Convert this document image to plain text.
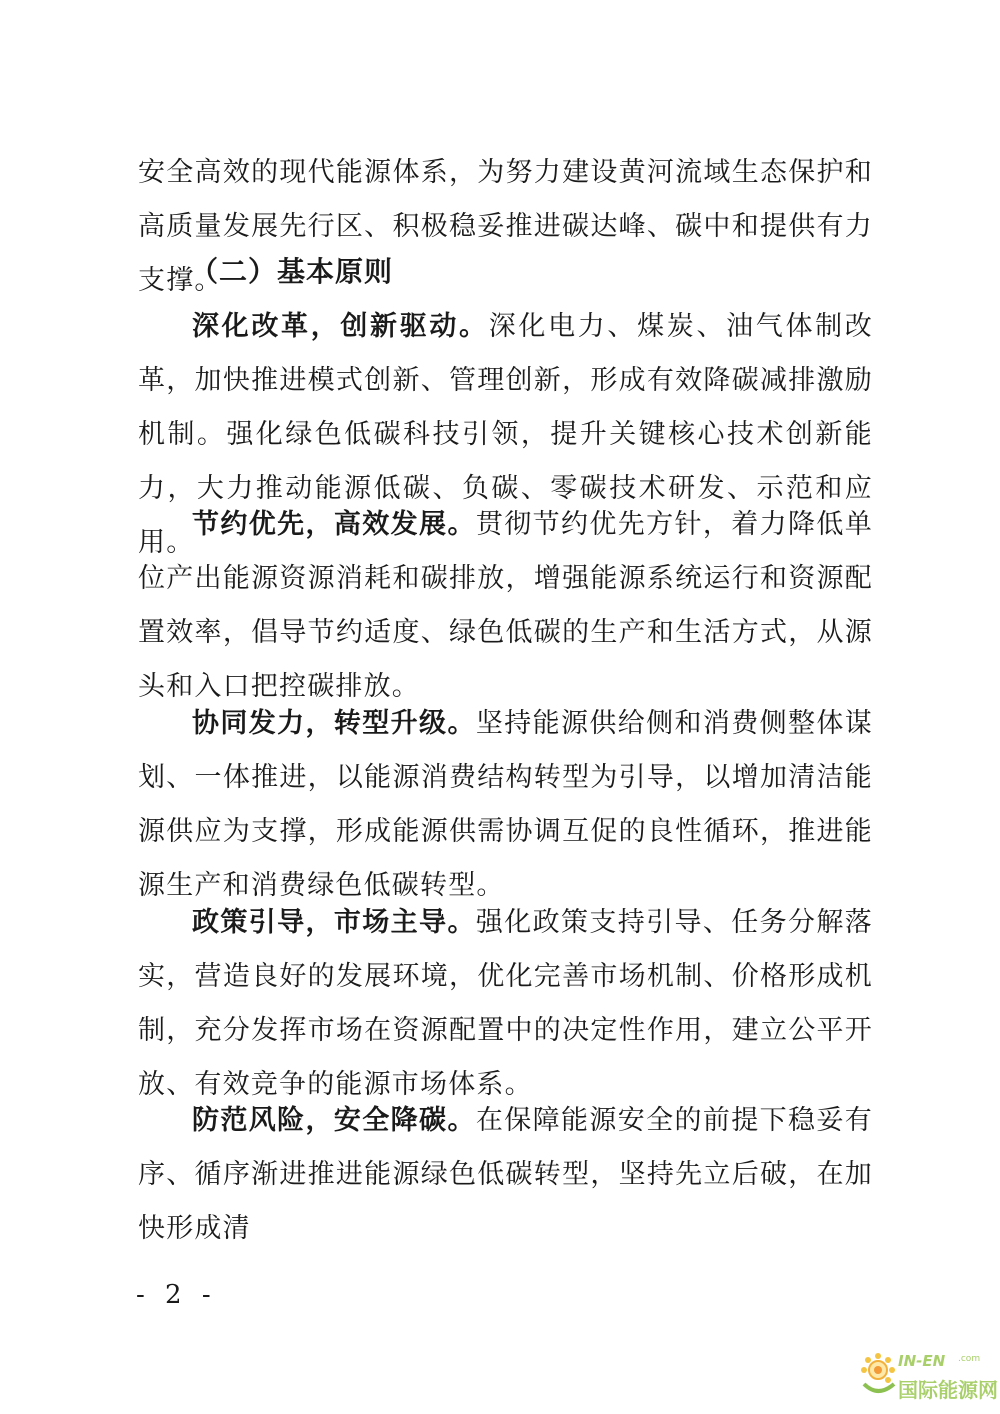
安全高效的现代能源体系，为努力建设黄河流域生态保护和高质量发展先行区、积极稳妥推进碳达峰、碳中和提供有力支撑。

（二）基本原则

深化改革，创新驱动。深化电力、煤炭、油气体制改革，加快推进模式创新、管理创新，形成有效降碳减排激励机制。强化绿色低碳科技引领，提升关键核心技术创新能力，大力推动能源低碳、负碳、零碳技术研发、示范和应用。

节约优先，高效发展。贯彻节约优先方针，着力降低单位产出能源资源消耗和碳排放，增强能源系统运行和资源配置效率，倡导节约适度、绿色低碳的生产和生活方式，从源头和入口把控碳排放。

协同发力，转型升级。坚持能源供给侧和消费侧整体谋划、一体推进，以能源消费结构转型为引导，以增加清洁能源供应为支撑，形成能源供需协调互促的良性循环，推进能源生产和消费绿色低碳转型。

政策引导，市场主导。强化政策支持引导、任务分解落实，营造良好的发展环境，优化完善市场机制、价格形成机制，充分发挥市场在资源配置中的决定性作用，建立公平开放、有效竞争的能源市场体系。

防范风险，安全降碳。在保障能源安全的前提下稳妥有序、循序渐进推进能源绿色低碳转型，坚持先立后破，在加快形成清

- 2 -
IN-EN .com
国际能源网
